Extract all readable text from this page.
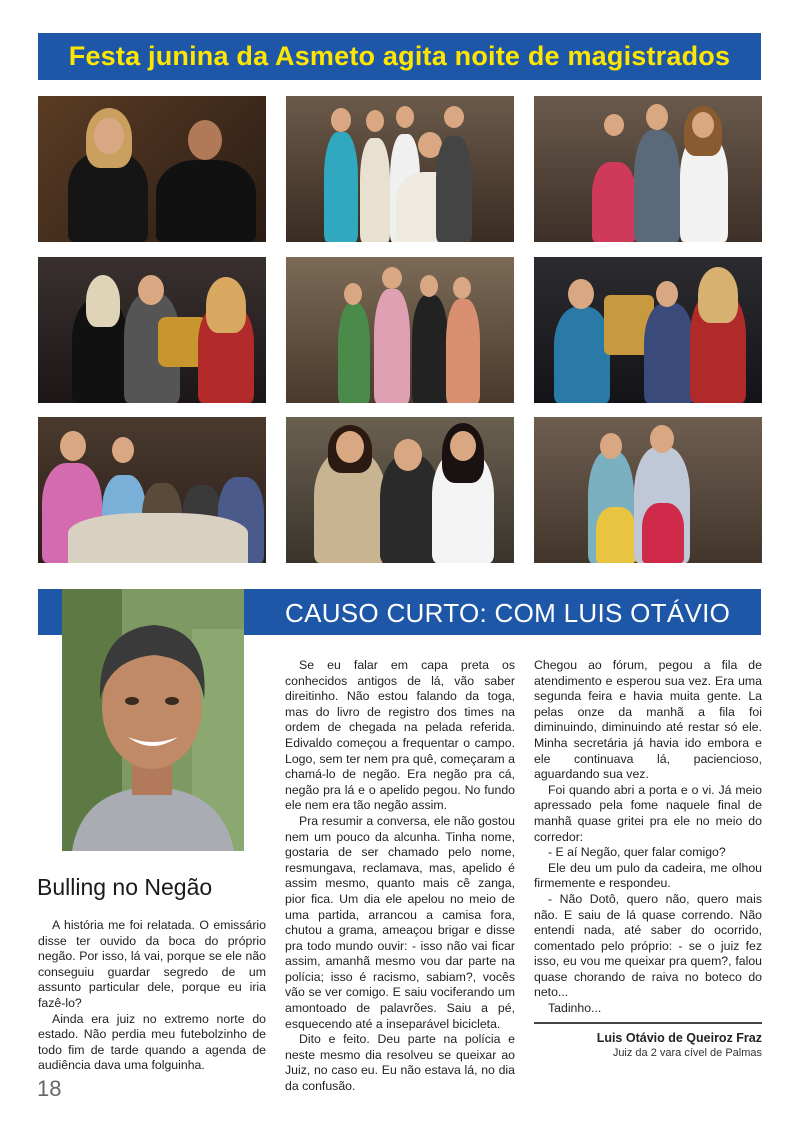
Festa junina da Asmeto agita noite de magistrados
CAUSO CURTO: COM LUIS OTÁVIO
Bulling no Negão

A história me foi relatada. O emissário disse ter ouvido da boca do próprio negão. Por isso, lá vai, porque se ele não conseguiu guardar segredo de um assunto particular dele, porque eu iria fazê-lo?

Ainda era juiz no extremo norte do estado. Não perdia meu futebolzinho de todo fim de tarde quando a agenda de audiência dava uma folguinha.

Se eu falar em capa preta os conhecidos antigos de lá, vão saber direitinho. Não estou falando da toga, mas do livro de registro dos times na ordem de chegada na pelada referida. Edivaldo começou a frequentar o campo. Logo, sem ter nem pra quê, começaram a chamá-lo de negão. Era negão pra cá, negão pra lá e o apelido pegou. No fundo ele nem era tão negão assim.

Pra resumir a conversa, ele não gostou nem um pouco da alcunha. Tinha nome, gostaria de ser chamado pelo nome, resmungava, reclamava, mas, apelido é assim mesmo, quanto mais cê zanga, pior fica. Um dia ele apelou no meio de uma partida, arrancou a camisa fora, chutou a grama, ameaçou brigar e disse pra todo mundo ouvir: - isso não vai ficar assim, amanhã mesmo vou dar parte na polícia; isso é racismo, sabiam?, vocês vão se ver comigo. E saiu vociferando um amontoado de palavrões. Saiu a pé, esquecendo até a inseparável bicicleta.

Dito e feito. Deu parte na polícia e neste mesmo dia resolveu se queixar ao Juiz, no caso eu. Eu não estava lá, no dia da confusão.

Chegou ao fórum, pegou a fila de atendimento e esperou sua vez. Era uma segunda feira e havia muita gente. La pelas onze da manhã a fila foi diminuindo, diminuindo até restar só ele. Minha secretária já havia ido embora e ele continuava lá, paciencioso, aguardando sua vez.

Foi quando abri a porta e o vi. Já meio apressado pela fome naquele final de manhã quase gritei pra ele no meio do corredor:

- E aí Negão, quer falar comigo?

Ele deu um pulo da cadeira, me olhou firmemente e respondeu.

- Não Dotô, quero não, quero mais não. E saiu de lá quase correndo. Não entendi nada, até saber do ocorrido, comentado pelo próprio: - se o juiz fez isso, eu vou me queixar pra quem?, falou quase chorando de raiva no boteco do neto...

Tadinho...

Luis Otávio de Queiroz Fraz
Juiz da 2 vara cível de Palmas
18
